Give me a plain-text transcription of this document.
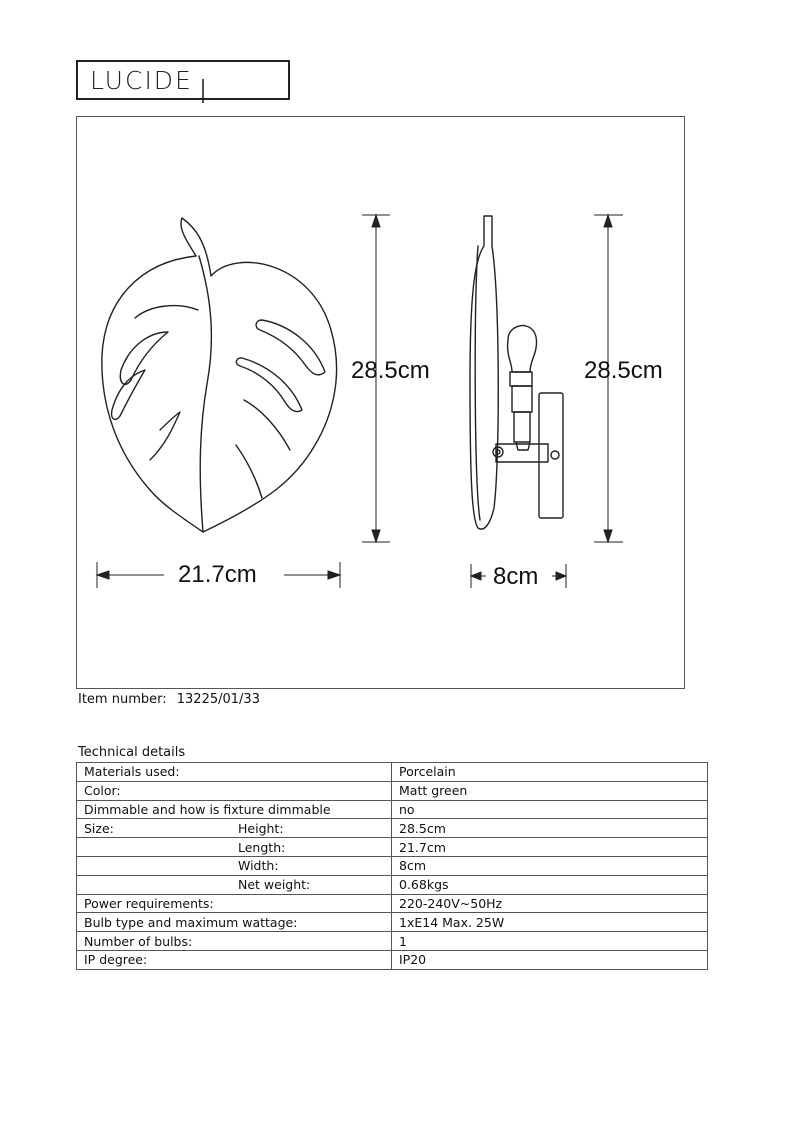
LUCIDE
28.5cm	28.5cm
21.7cm	8cm
Item number: 13225/01/33
Technical details
Materials used:	Porcelain
Color:	Matt green
Dimmable and how is fixture dimmable	no
Size: Height:	28.5cm
Length:	21.7cm
Width:	8cm
Net weight:	0.68kgs
Power requirements:	220-240V~50Hz
Bulb type and maximum wattage:	1xE14 Max. 25W
Number of bulbs:	1
IP degree:	IP20
